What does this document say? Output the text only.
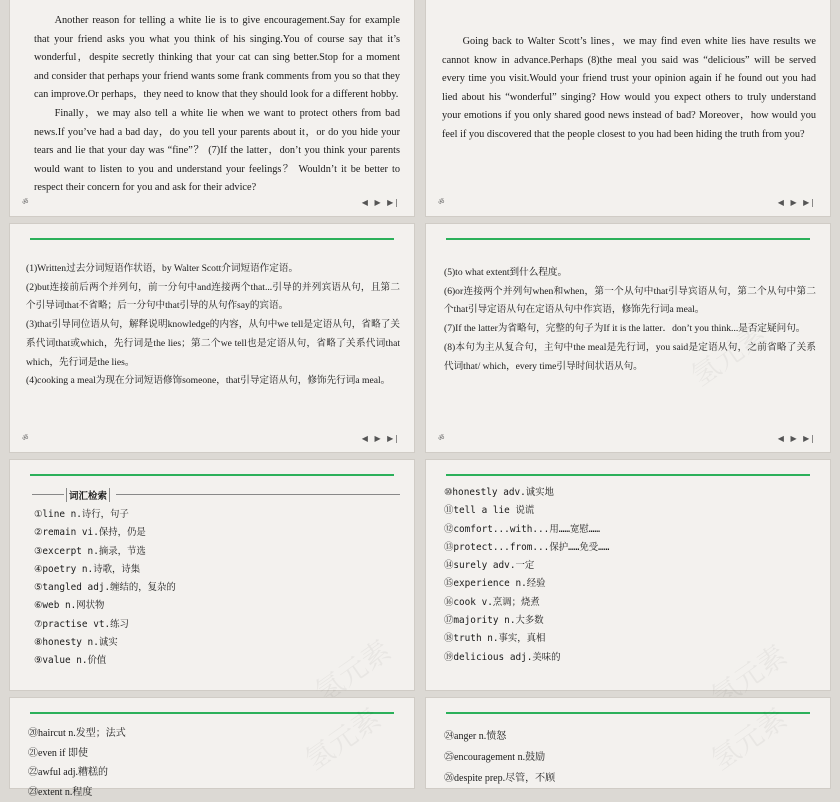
Another reason for telling a white lie is to give encouragement.Say for example that your friend asks you what you think of his singing.You of course say that it’s wonderful，despite secretly thinking that your cat can sing better.Stop for a moment and consider that perhaps your friend wants some frank comments from you so that they can improve.Or perhaps，they need to know that they should look for a different hobby.

Finally，we may also tell a white lie when we want to protect others from bad news.If you’ve had a bad day，do you tell your parents about it，or do you hide your tears and lie that your day was “fine”？ (7)If the latter，don’t you think your parents would want to listen to you and understand your feelings？ Wouldn’t it be better to respect their concern for you and ask for their advice?

ॐ	◀ ▶ ▶|

Going back to Walter Scott’s lines，we may find even white lies have results we cannot know in advance.Perhaps (8)the meal you said was “delicious” will be served every time you visit.Would your friend trust your opinion again if he found out you had lied about his “wonderful” singing? How would you expect others to truly understand your emotions if you only shared good news instead of bad? Moreover，how would you feel if you discovered that the people closest to you had been hiding the truth from you?

ॐ	◀ ▶ ▶|

(1)Written过去分词短语作状语，by Walter Scott介词短语作定语。

(2)but连接前后两个并列句，前一分句中and连接两个that...引导的并列宾语从句，且第二个引导词that不省略；后一分句中that引导的从句作say的宾语。

(3)that引导同位语从句，解释说明knowledge的内容，从句中we tell是定语从句，省略了关系代词that或which，先行词是the lies；第二个we tell也是定语从句，省略了关系代词that which，先行词是the lies。

(4)cooking a meal为现在分词短语修饰someone，that引导定语从句，修饰先行词a meal。

ॐ	◀ ▶ ▶|

(5)to what extent到什么程度。

(6)or连接两个并列句when和when，第一个从句中that引导宾语从句，第二个从句中第二个that引导定语从句在定语从句中作宾语，修饰先行词a meal。

(7)If the latter为省略句，完整的句子为If it is the latter．don’t you think...是否定疑问句。

(8)本句为主从复合句，主句中the meal是先行词，you said是定语从句，之前省略了关系代词that/ which，every time引导时间状语从句。

ॐ	◀ ▶ ▶|
词汇检索
①line n.诗行，句子
②remain vi.保持，仍是
③excerpt n.摘录，节选
④poetry n.诗歌，诗集
⑤tangled adj.缠结的，复杂的
⑥web n.网状物
⑦practise vt.练习
⑧honesty n.诚实
⑨value n.价值
⑩honestly adv.诚实地
⑪tell a lie 说谎
⑫comfort...with...用……宽慰……
⑬protect...from...保护……免受……
⑭surely adv.一定
⑮experience n.经验
⑯cook v.烹调；烧煮
⑰majority n.大多数
⑱truth n.事实，真相
⑲delicious adj.美味的
⑳haircut n.发型；法式
㉑even if 即使
㉒awful adj.糟糕的
㉓extent n.程度
㉔anger n.愤怒
㉕encouragement n.鼓励
㉖despite prep.尽管，不顾
